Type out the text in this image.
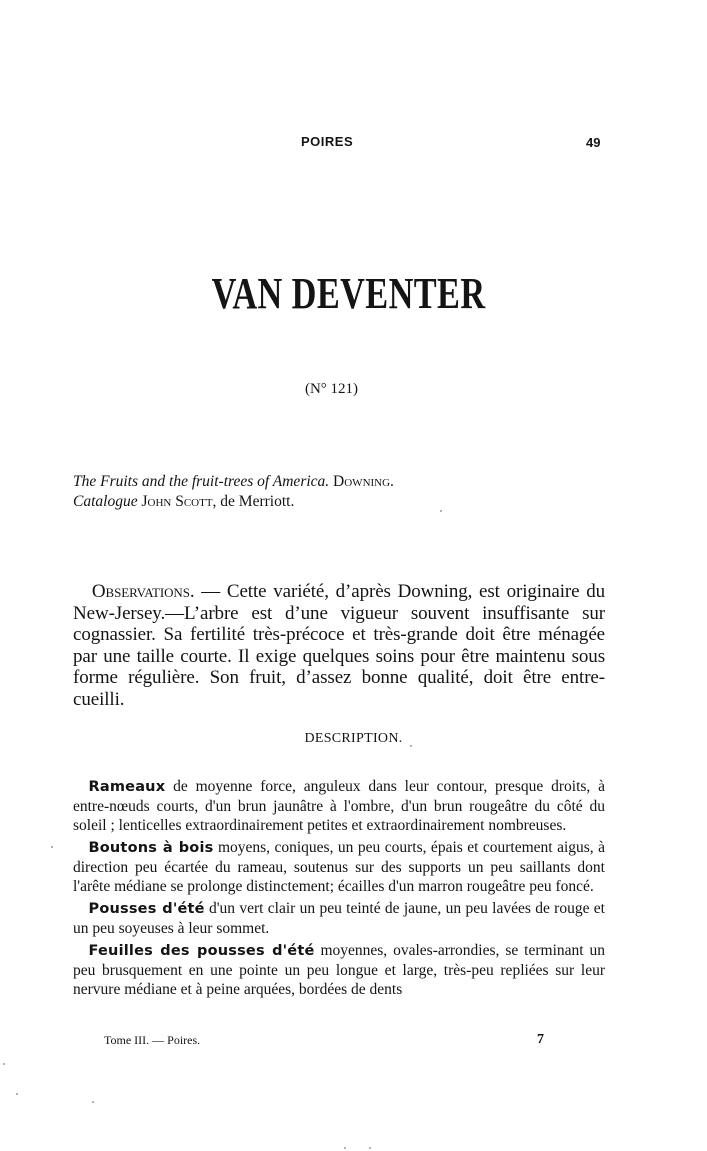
POIRES	49
VAN DEVENTER
(N° 121)
The Fruits and the fruit-trees of America. Downing.
Catalogue John Scott, de Merriott.

 Observations. — Cette variété, d’après Downing, est originaire du New-Jersey.—L’arbre est d’une vigueur souvent insuffisante sur cognassier. Sa fertilité très-précoce et très-grande doit être ménagée par une taille courte. Il exige quelques soins pour être maintenu sous forme régulière. Son fruit, d’assez bonne qualité, doit être entre-cueilli.

DESCRIPTION.

 Rameaux de moyenne force, anguleux dans leur contour, presque droits, à entre-nœuds courts, d'un brun jaunâtre à l'ombre, d'un brun rougeâtre du côté du soleil ; lenticelles extraordinairement petites et extraordinairement nombreuses.

 Boutons à bois moyens, coniques, un peu courts, épais et courtement aigus, à direction peu écartée du rameau, soutenus sur des supports un peu saillants dont l'arête médiane se prolonge distinctement; écailles d'un marron rougeâtre peu foncé.

 Pousses d'été d'un vert clair un peu teinté de jaune, un peu lavées de rouge et un peu soyeuses à leur sommet.

 Feuilles des pousses d'été moyennes, ovales-arrondies, se terminant un peu brusquement en une pointe un peu longue et large, très-peu repliées sur leur nervure médiane et à peine arquées, bordées de dents

Tome III. — Poires.	7
